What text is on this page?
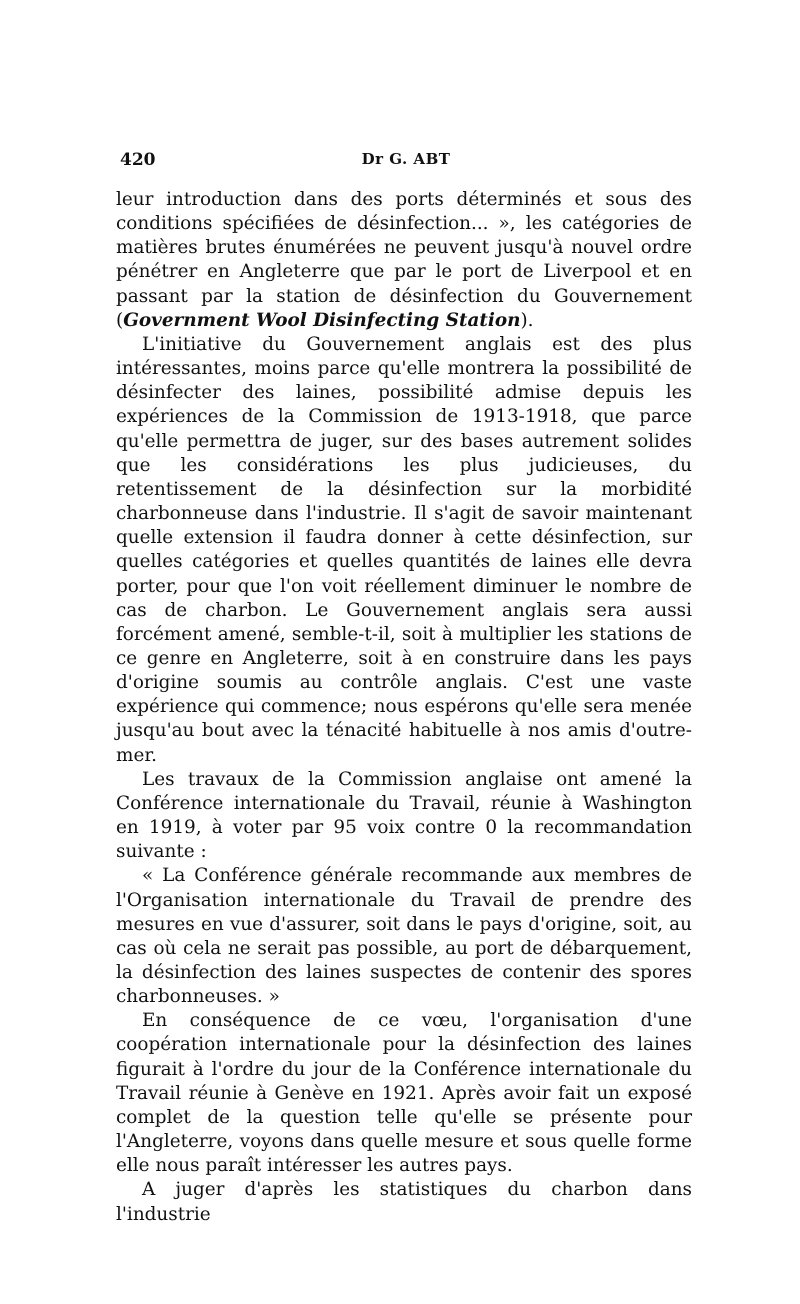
420	Dr G. ABT

leur introduction dans des ports déterminés et sous des conditions spécifiées de désinfection... », les catégories de matières brutes énumérées ne peuvent jusqu'à nouvel ordre pénétrer en Angleterre que par le port de Liverpool et en passant par la station de désinfection du Gouvernement (Government Wool Disinfecting Station).

L'initiative du Gouvernement anglais est des plus intéressantes, moins parce qu'elle montrera la possibilité de désinfecter des laines, possibilité admise depuis les expériences de la Commission de 1913-1918, que parce qu'elle permettra de juger, sur des bases autrement solides que les considérations les plus judicieuses, du retentissement de la désinfection sur la morbidité charbonneuse dans l'industrie. Il s'agit de savoir maintenant quelle extension il faudra donner à cette désinfection, sur quelles catégories et quelles quantités de laines elle devra porter, pour que l'on voit réellement diminuer le nombre de cas de charbon. Le Gouvernement anglais sera aussi forcément amené, semble-t-il, soit à multiplier les stations de ce genre en Angleterre, soit à en construire dans les pays d'origine soumis au contrôle anglais. C'est une vaste expérience qui commence; nous espérons qu'elle sera menée jusqu'au bout avec la ténacité habituelle à nos amis d'outre-mer.

Les travaux de la Commission anglaise ont amené la Conférence internationale du Travail, réunie à Washington en 1919, à voter par 95 voix contre 0 la recommandation suivante :

« La Conférence générale recommande aux membres de l'Organisation internationale du Travail de prendre des mesures en vue d'assurer, soit dans le pays d'origine, soit, au cas où cela ne serait pas possible, au port de débarquement, la désinfection des laines suspectes de contenir des spores charbonneuses. »

En conséquence de ce vœu, l'organisation d'une coopération internationale pour la désinfection des laines figurait à l'ordre du jour de la Conférence internationale du Travail réunie à Genève en 1921. Après avoir fait un exposé complet de la question telle qu'elle se présente pour l'Angleterre, voyons dans quelle mesure et sous quelle forme elle nous paraît intéresser les autres pays.

A juger d'après les statistiques du charbon dans l'industrie
